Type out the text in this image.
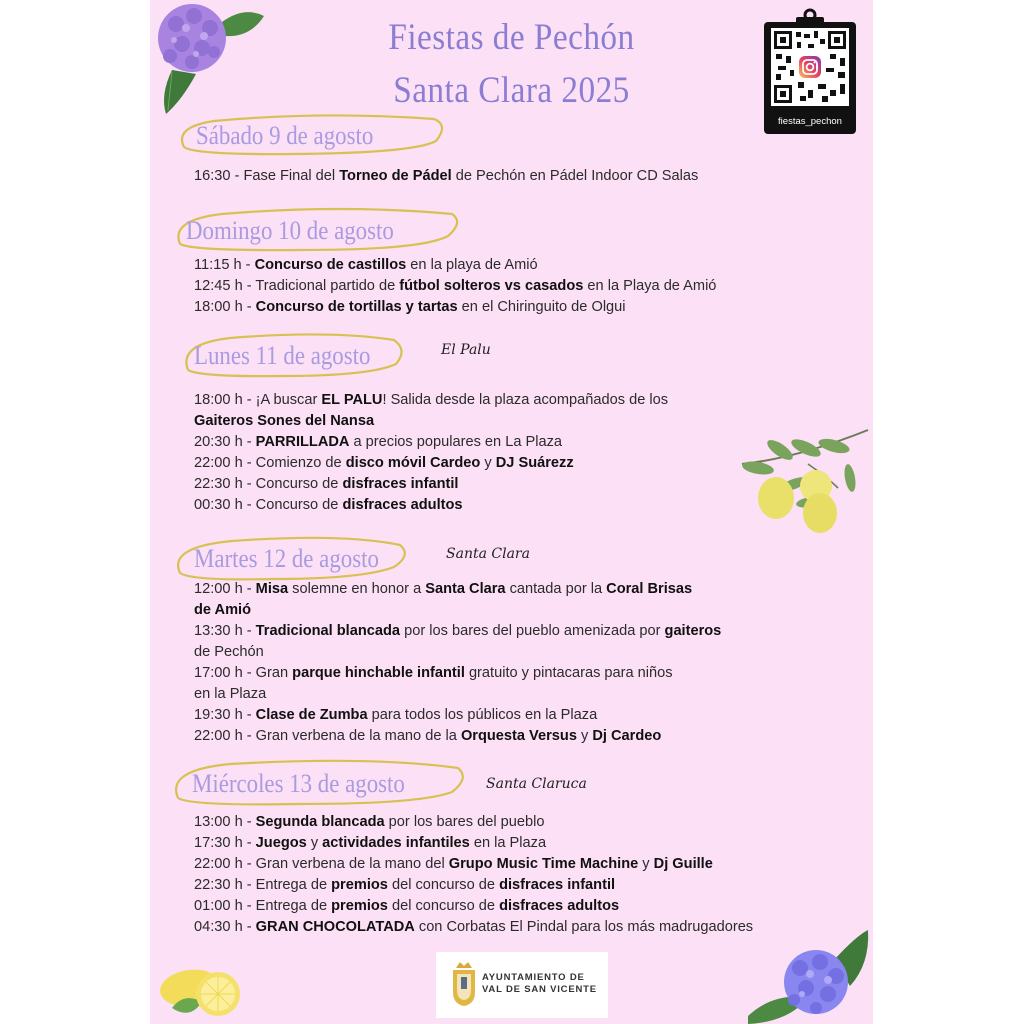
Fiestas de Pechón
Santa Clara 2025
fiestas_pechon
Sábado 9 de agosto
16:30 - Fase Final del Torneo de Pádel de Pechón en Pádel Indoor CD Salas
Domingo 10 de agosto
11:15 h - Concurso de castillos en la playa de Amió
12:45 h - Tradicional partido de fútbol solteros vs casados en la Playa de Amió
18:00 h - Concurso de tortillas y tartas en el Chiringuito de Olgui
Lunes 11 de agosto	El Palu
18:00 h - ¡A buscar EL PALU! Salida desde la plaza acompañados de los
Gaiteros Sones del Nansa
20:30 h - PARRILLADA a precios populares en La Plaza
22:00 h - Comienzo de disco móvil Cardeo y DJ Suárezz
22:30 h - Concurso de disfraces infantil
00:30 h - Concurso de disfraces adultos
Martes 12 de agosto	Santa Clara
12:00 h - Misa solemne en honor a Santa Clara cantada por la Coral Brisas
de Amió
13:30 h - Tradicional blancada por los bares del pueblo amenizada por gaiteros
de Pechón
17:00 h - Gran parque hinchable infantil gratuito y pintacaras para niños
en la Plaza
19:30 h - Clase de Zumba para todos los públicos en la Plaza
22:00 h - Gran verbena de la mano de la Orquesta Versus y Dj Cardeo
Miércoles 13 de agosto	Santa Claruca
13:00 h - Segunda blancada por los bares del pueblo
17:30 h - Juegos y actividades infantiles en la Plaza
22:00 h - Gran verbena de la mano del Grupo Music Time Machine y Dj Guille
22:30 h - Entrega de premios del concurso de disfraces infantil
01:00 h - Entrega de premios del concurso de disfraces adultos
04:30 h - GRAN CHOCOLATADA con Corbatas El Pindal para los más madrugadores
AYUNTAMIENTO DE
VAL DE SAN VICENTE
